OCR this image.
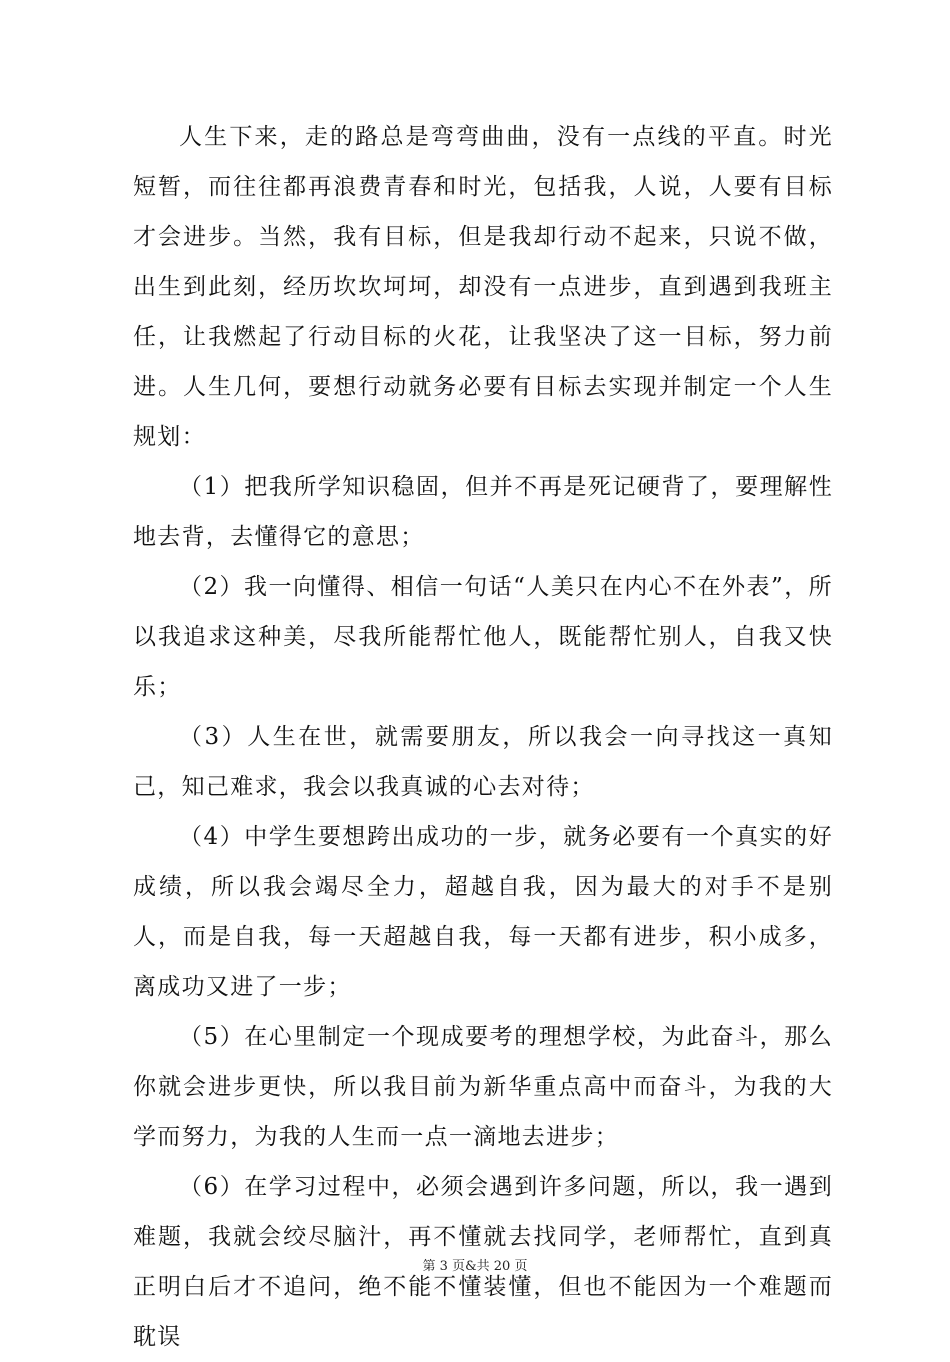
人生下来，走的路总是弯弯曲曲，没有一点线的平直。时光短暂，而往往都再浪费青春和时光，包括我，人说，人要有目标才会进步。当然，我有目标，但是我却行动不起来，只说不做，出生到此刻，经历坎坎坷坷，却没有一点进步，直到遇到我班主任，让我燃起了行动目标的火花，让我坚决了这一目标，努力前进。人生几何，要想行动就务必要有目标去实现并制定一个人生规划：

（1）把我所学知识稳固，但并不再是死记硬背了，要理解性地去背，去懂得它的意思；

（2）我一向懂得、相信一句话“人美只在内心不在外表”，所以我追求这种美，尽我所能帮忙他人，既能帮忙别人，自我又快乐；

（3）人生在世，就需要朋友，所以我会一向寻找这一真知己，知己难求，我会以我真诚的心去对待；

（4）中学生要想跨出成功的一步，就务必要有一个真实的好成绩，所以我会竭尽全力，超越自我，因为最大的对手不是别人，而是自我，每一天超越自我，每一天都有进步，积小成多，离成功又进了一步；

（5）在心里制定一个现成要考的理想学校，为此奋斗，那么你就会进步更快，所以我目前为新华重点高中而奋斗，为我的大学而努力，为我的人生而一点一滴地去进步；

（6）在学习过程中，必须会遇到许多问题，所以，我一遇到难题，我就会绞尽脑汁，再不懂就去找同学，老师帮忙，直到真正明白后才不追问，绝不能不懂装懂，但也不能因为一个难题而耽误

第 3 页&共 20 页
